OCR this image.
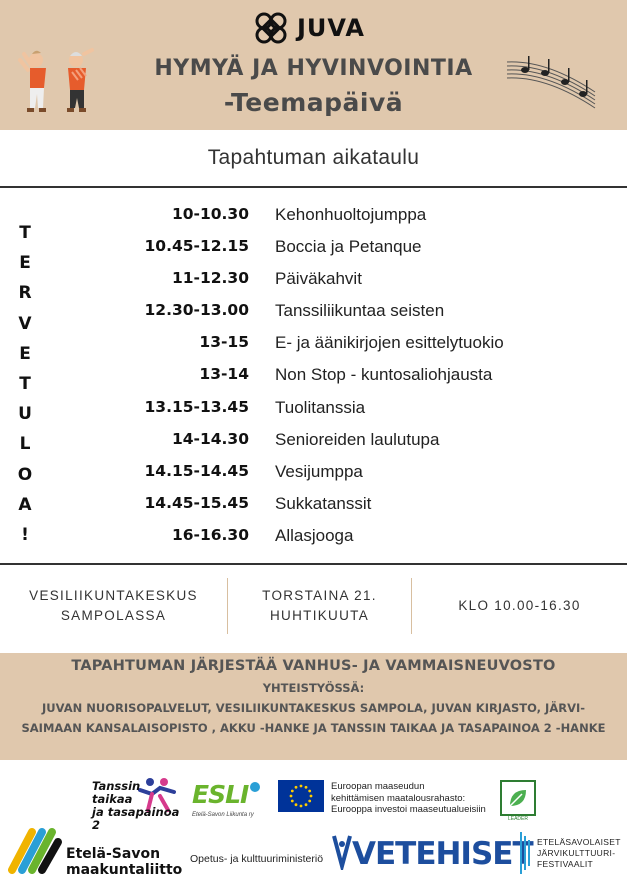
JUVA
HYMYÄ JA HYVINVOINTIA
-Teemapäivä
Tapahtuman aikataulu
T
E
R
V
E
T
U
L
O
A
!
10-10.30 Kehonhuoltojumppa
10.45-12.15 Boccia ja Petanque
11-12.30 Päiväkahvit
12.30-13.00 Tanssiliikuntaa seisten
13-15 E- ja äänikirjojen esittelytuokio
13-14 Non Stop - kuntosaliohjausta
13.15-13.45 Tuolitanssia
14-14.30 Senioreiden laulutupa
14.15-14.45 Vesijumppa
14.45-15.45 Sukkatanssit
16-16.30 Allasjooga
VESILIIKUNTAKESKUS
SAMPOLASSA
TORSTAINA 21.
HUHTIKUUTA
KLO 10.00-16.30
TAPAHTUMAN JÄRJESTÄÄ VANHUS- JA VAMMAISNEUVOSTO
YHTEISTYÖSSÄ:
JUVAN NUORISOPALVELUT, VESILIIKUNTAKESKUS SAMPOLA, JUVAN KIRJASTO, JÄRVI-SAIMAAN KANSALAISOPISTO , AKKU -HANKE JA TANSSIN TAIKAA JA TASAPAINOA 2 -HANKE
Tanssin
taikaa
ja tasapainoa 2
ESLI
Etelä-Savon Liikunta ry
Euroopan maaseudun
kehittämisen maatalousrahasto:
Eurooppa investoi maaseutualueisiin
LEADER
Etelä-Savon
maakuntaliitto
Opetus- ja kulttuuriministeriö VETEHISET ETELÄSAVOLAISET
JÄRVIKULTTUURI-
FESTIVAALIT
